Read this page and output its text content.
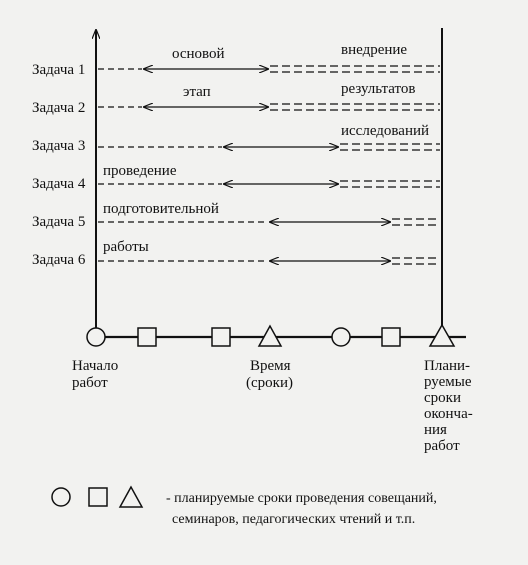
Задача 1
Задача 2
Задача 3
Задача 4
Задача 5
Задача 6
основой
этап
проведение
подготовительной
работы
внедрение
результатов
исследований
Начало работ
Время (сроки)
Плани- руемые сроки оконча- ния работ
- планируемые сроки проведения совещаний,
семинаров, педагогических чтений и т.п.
